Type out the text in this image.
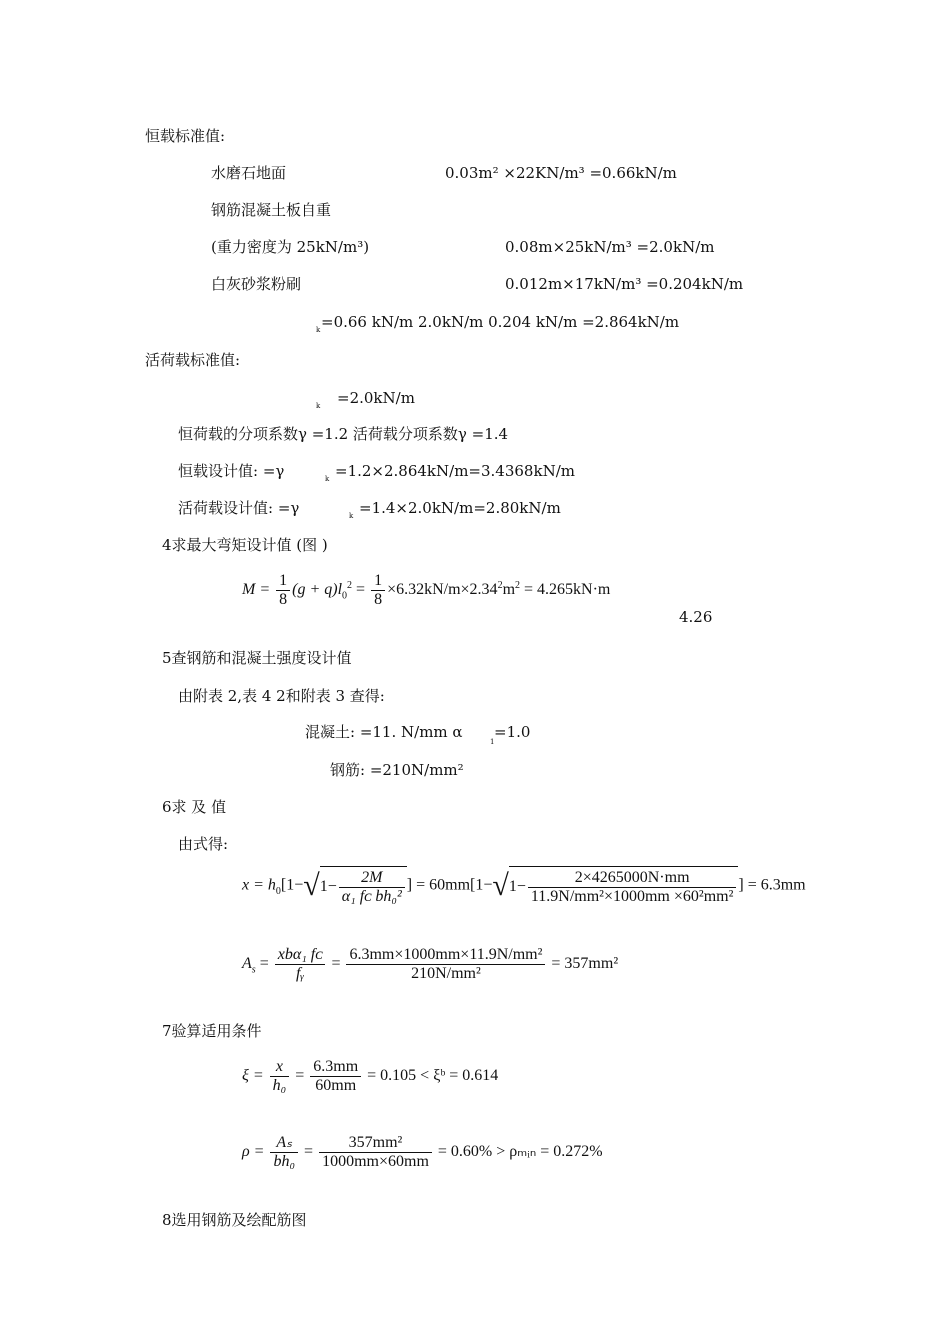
恒载标准值:
水磨石地面	0.03m² ×22KN/m³ =0.66kN/m
钢筋混凝土板自重
(重力密度为 25kN/m³)	0.08m×25kN/m³ =2.0kN/m
白灰砂浆粉刷	0.012m×17kN/m³ =0.204kN/m
k =0.66 kN/m 2.0kN/m 0.204 kN/m =2.864kN/m
活荷载标准值:
k =2.0kN/m
恒荷载的分项系数γ =1.2 活荷载分项系数γ =1.4
恒载设计值: =γ	k =1.2×2.864kN/m=3.4368kN/m
活荷载设计值: =γ	k =1.4×2.0kN/m=2.80kN/m
4求最大弯矩设计值 (图 )
$M = \frac{1}{8} (g + q)l_0^2 = \frac{1}{8} \times 6.32kN/m\times 2.34^2m^2 = 4.265kN\cdot m$
4.26
5查钢筋和混凝土强度设计值
由附表 2,表 4 2和附表 3 查得:
混凝土: =11. N/mm α
1
=1.0
钢筋: =210N/mm²
6求 及 值
由式得:
$x = h_0[1-√1- \frac{2M}{\text{α₁ fᴄ bh₀²}}$ ] = $60mm[1-√1- \frac{2\times 4265000N\cdot mm}{\text{11.9N/mm²×1000mm ×60²mm²}}$ ] = 6.3mm
$A_s = \frac{\text{xbα₁ fᴄ}}{\text{fᵧ}} = \frac{\text{6.3mm×1000mm×11.9N/mm²}}{\text{210N/mm²}} = 357mm^2$
7验算适用条件
$\xi = \frac{x}{\text{h₀}} = \frac{6.3mm}{60mm} = 0.105$ < ξᵇ = 0.614
$\rho = \frac{\text{Aₛ}}{\text{bh₀}} = \frac{\text{357mm²}}{1000mm\times 60mm} = 0.60\%$ > ρₘᵢₙ = 0.272%
8选用钢筋及绘配筋图
